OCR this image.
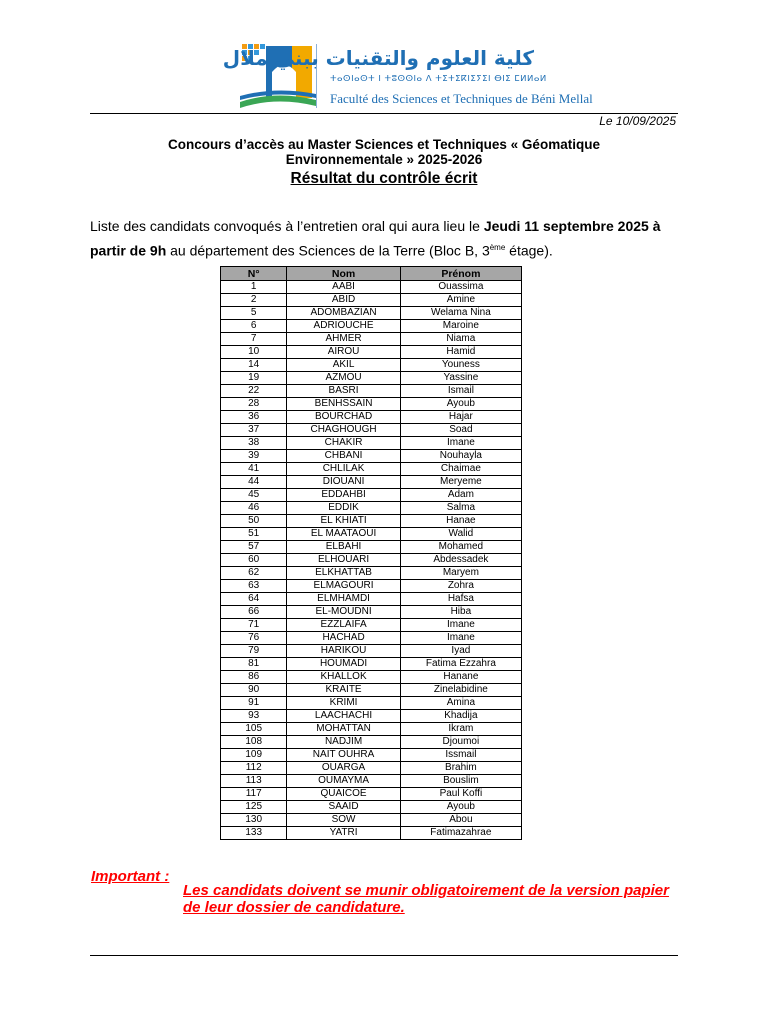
كلية العلوم والتقنيات ببني ملال
ⵜⴰⵙⵏⴰⵙⵜ ⵏ ⵜⵓⵙⵙⵏⴰ ⴷ ⵜⵉⵜⵉⴽⵏⵉⵢⵉⵏ ⴱⵏⵉ ⵎⵍⵍⴰⵍ
Faculté des Sciences et Techniques de Béni Mellal
Le 10/09/2025
Concours d’accès au Master Sciences et Techniques « Géomatique
Environnementale » 2025-2026
Résultat du contrôle écrit
Liste des candidats convoqués à l’entretien oral qui aura lieu le Jeudi 11 septembre 2025 à partir de 9h au département des Sciences de la Terre (Bloc B, 3ème étage).
N°	Nom	Prénom
1	AABI	Ouassima
2	ABID	Amine
5	ADOMBAZIAN	Welama Nina
6	ADRIOUCHE	Maroine
7	AHMER	Niama
10	AIROU	Hamid
14	AKIL	Youness
19	AZMOU	Yassine
22	BASRI	Ismail
28	BENHSSAIN	Ayoub
36	BOURCHAD	Hajar
37	CHAGHOUGH	Soad
38	CHAKIR	Imane
39	CHBANI	Nouhayla
41	CHLILAK	Chaimae
44	DIOUANI	Meryeme
45	EDDAHBI	Adam
46	EDDIK	Salma
50	EL KHIATI	Hanae
51	EL MAATAOUI	Walid
57	ELBAHI	Mohamed
60	ELHOUARI	Abdessadek
62	ELKHATTAB	Maryem
63	ELMAGOURI	Zohra
64	ELMHAMDI	Hafsa
66	EL-MOUDNI	Hiba
71	EZZLAIFA	Imane
76	HACHAD	Imane
79	HARIKOU	Iyad
81	HOUMADI	Fatima Ezzahra
86	KHALLOK	Hanane
90	KRAITE	Zinelabidine
91	KRIMI	Amina
93	LAACHACHI	Khadija
105	MOHATTAN	Ikram
108	NADJIM	Djoumoi
109	NAIT OUHRA	Issmail
112	OUARGA	Brahim
113	OUMAYMA	Bouslim
117	QUAICOE	Paul Koffi
125	SAAID	Ayoub
130	SOW	Abou
133	YATRI	Fatimazahrae
Important :
Les candidats doivent se munir obligatoirement de la version papier de leur dossier de candidature.
